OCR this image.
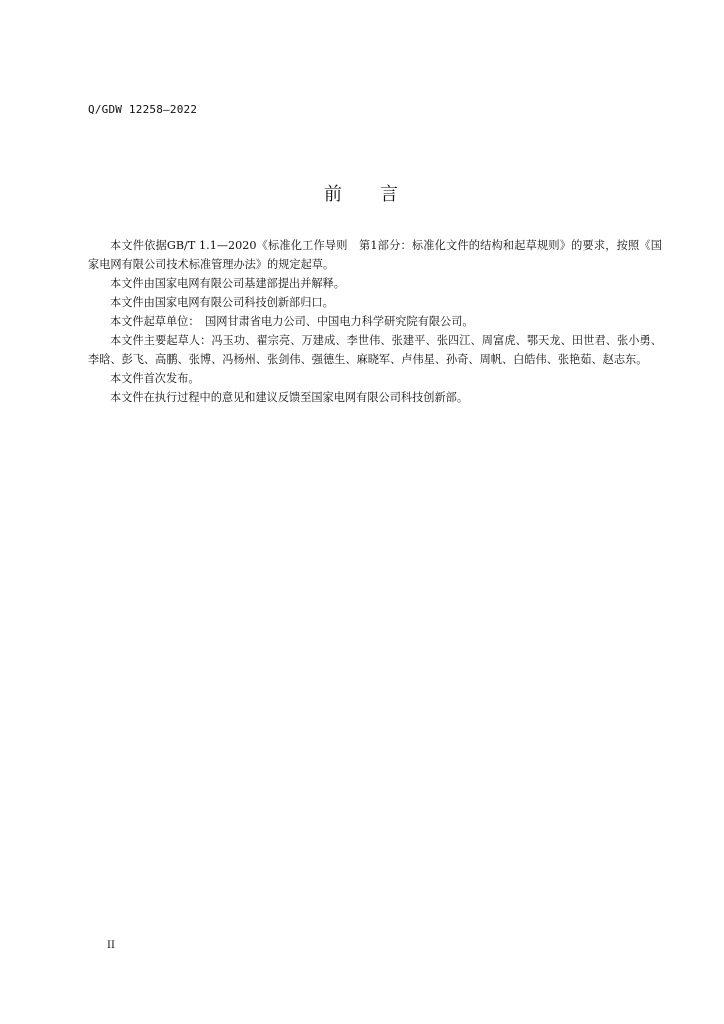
Q/GDW 12258—2022
前 言

本文件依据GB/T 1.1—2020《标准化工作导则　第1部分：标准化文件的结构和起草规则》的要求，按照《国家电网有限公司技术标准管理办法》的规定起草。

本文件由国家电网有限公司基建部提出并解释。

本文件由国家电网有限公司科技创新部归口。

本文件起草单位：　国网甘肃省电力公司、中国电力科学研究院有限公司。

本文件主要起草人：冯玉功、翟宗亮、万建成、李世伟、张建平、张四江、周富虎、鄂天龙、田世君、张小勇、李晗、彭飞、高鹏、张博、冯杨州、张剑伟、强德生、麻晓军、卢伟星、孙奇、周帆、白皓伟、张艳茹、赵志东。

本文件首次发布。

本文件在执行过程中的意见和建议反馈至国家电网有限公司科技创新部。

II
